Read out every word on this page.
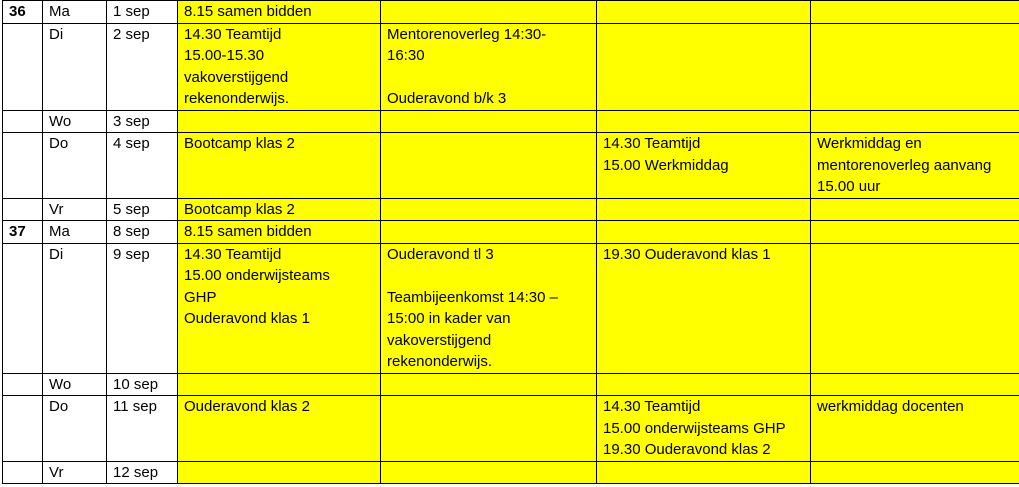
36	Ma	1 sep	8.15 samen bidden			
	Di	2 sep	14.30 Teamtijd
15.00-15.30
vakoverstijgend
rekenonderwijs.	Mentorenoverleg 14:30-
16:30

Ouderavond b/k 3		
	Wo	3 sep				
	Do	4 sep	Bootcamp klas 2		14.30 Teamtijd
15.00 Werkmiddag	Werkmiddag en
mentorenoverleg aanvang
15.00 uur
	Vr	5 sep	Bootcamp klas 2			
37	Ma	8 sep	8.15 samen bidden			
	Di	9 sep	14.30 Teamtijd
15.00 onderwijsteams
GHP
Ouderavond klas 1	Ouderavond tl 3

Teambijeenkomst 14:30 –
15:00 in kader van
vakoverstijgend
rekenonderwijs.	19.30 Ouderavond klas 1	
	Wo	10 sep				
	Do	11 sep	Ouderavond klas 2		14.30 Teamtijd
15.00 onderwijsteams GHP
19.30 Ouderavond klas 2	werkmiddag docenten
	Vr	12 sep				
